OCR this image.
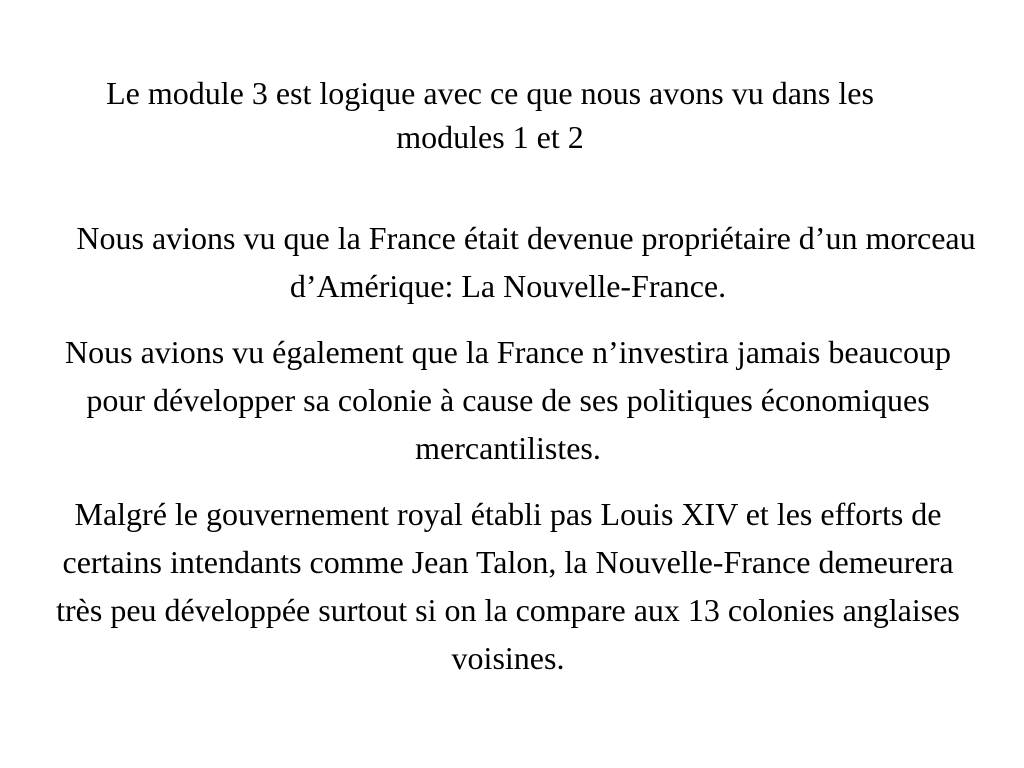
Le module 3 est logique avec ce que nous avons vu dans les modules 1 et 2

Nous avions vu que la France était devenue propriétaire d’un morceau d’Amérique: La Nouvelle-France.

Nous avions vu également que la France n’investira jamais beaucoup pour développer sa colonie à cause de ses politiques économiques mercantilistes.

Malgré le gouvernement royal établi pas Louis XIV et les efforts de certains intendants comme Jean Talon, la Nouvelle-France demeurera très peu développée surtout si on la compare aux 13 colonies anglaises voisines.
